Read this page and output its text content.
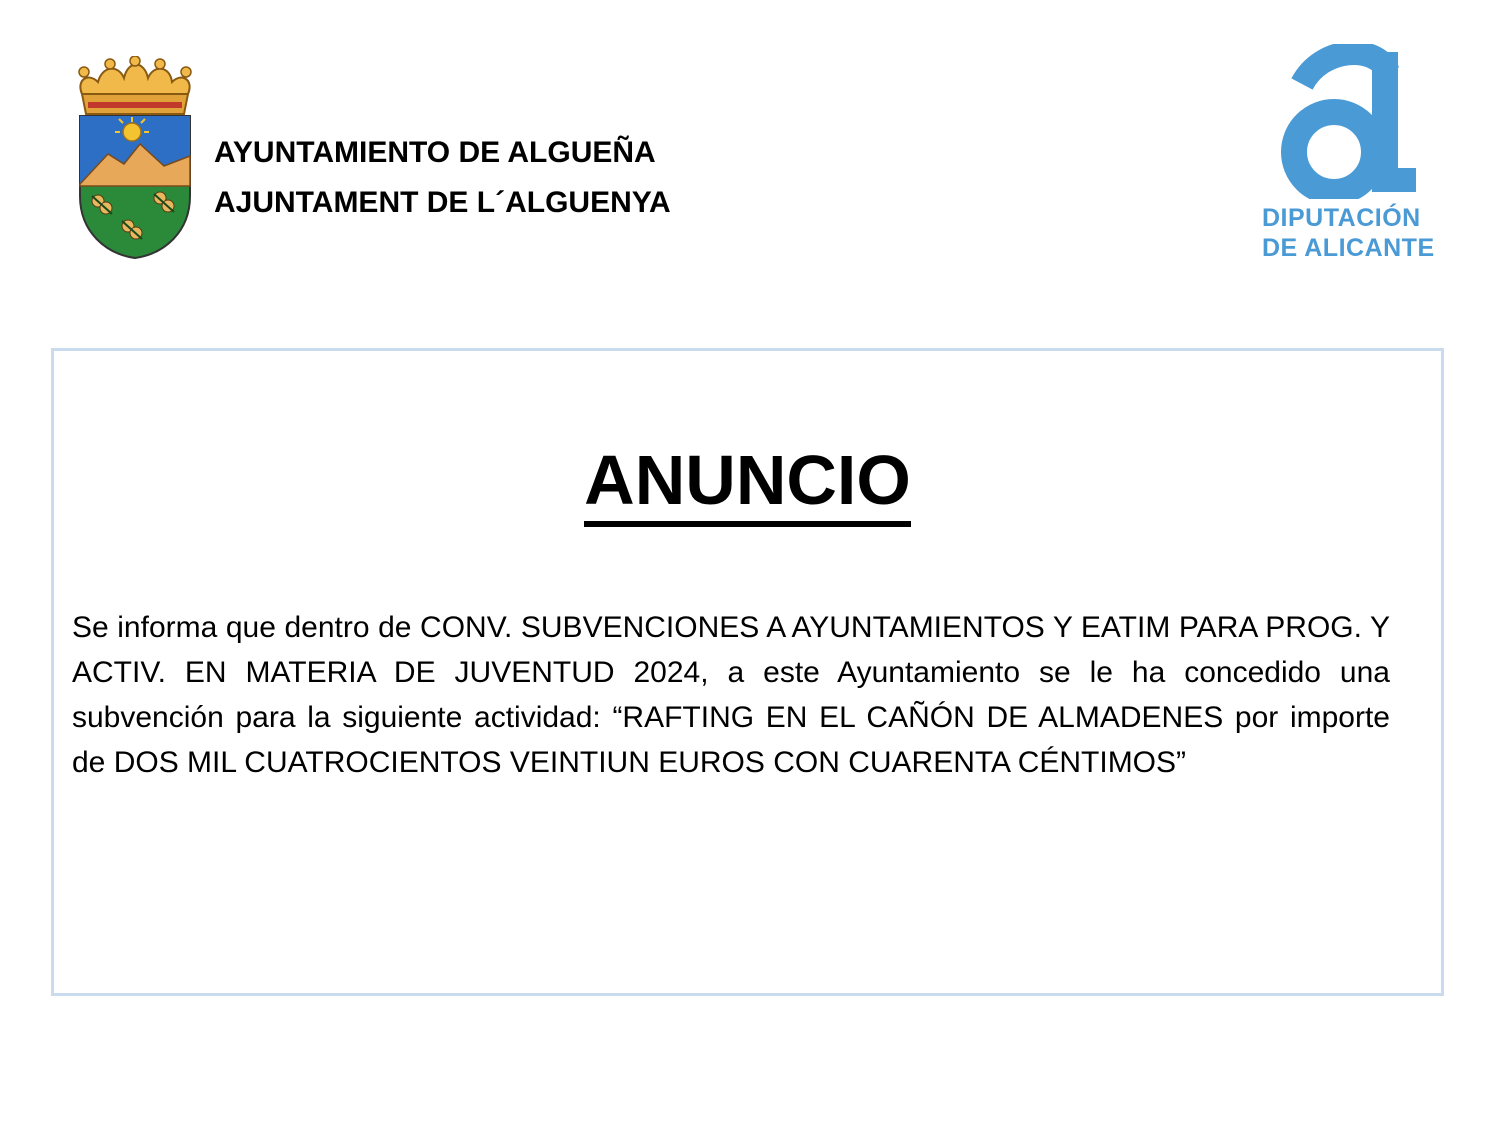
AYUNTAMIENTO DE ALGUEÑA
AJUNTAMENT DE L´ALGUENYA	DIPUTACIÓN
DE ALICANTE
ANUNCIO
Se informa que dentro de CONV. SUBVENCIONES A AYUNTAMIENTOS Y EATIM PARA PROG. Y ACTIV. EN MATERIA DE JUVENTUD 2024, a este Ayuntamiento se le ha concedido una subvención para la siguiente actividad: “RAFTING EN EL CAÑÓN DE ALMADENES por importe de DOS MIL CUATROCIENTOS VEINTIUN EUROS CON CUARENTA CÉNTIMOS”
